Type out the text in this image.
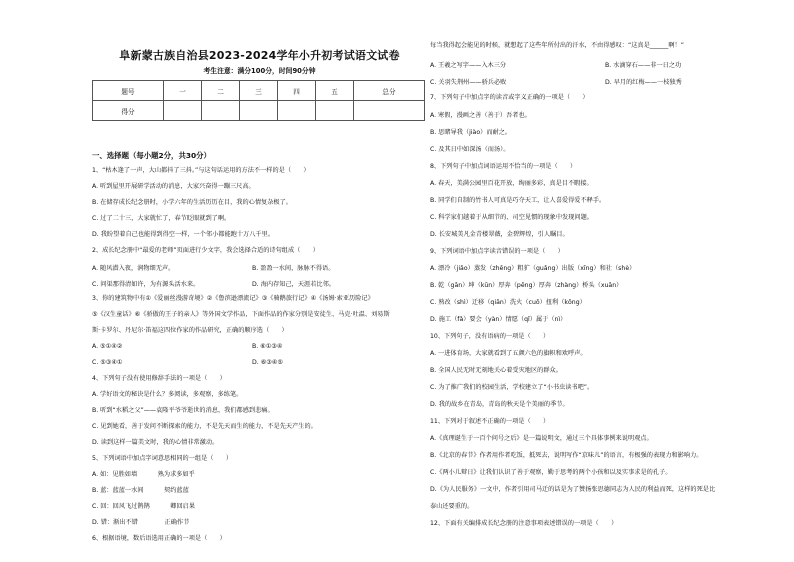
阜新蒙古族自治县2023-2024学年小升初考试语文试卷
考生注意：满分100分，时间90分钟
题号	一	二	三	四	五	总分
得分						
一、选择题（每小题2分，共30分）
1、“枯木逢了一声，大山都抖了三抖。”与这句话运用的方法不一样的是（　　）
A. 听到屋里开展研学活动的消息，大家兴奋得一蹦三尺高。
B. 在储存成长纪念册时，小学六年的生活历历在目，我的心情复杂极了。
C. 过了二十三，大家就忙了，春节眨眼就到了啊。
D. 我盼望着自己也能得到得空一样，一个邻小都能跑十万八千里。
2、成长纪念册中“最爱的老师”页面进行少文字，我会选择合适的诗句组成（　　）
A. 随风潜入夜，润物细无声。	B. 盈盈一水间，脉脉不得语。
C. 问渠那得清如许，为有源头活水来。	D. 海内存知己，天涯若比邻。
3、你的建筑物中有①《爱丽丝漫游奇境》②《鲁滨逊漂流记》③《骑鹅旅行记》④《汤姆·索亚历险记》
⑤《汉生童话》⑥《骄傲的王子的亲人》等外国文学作品，下面作品的作家分别是安徒生、马克·吐温、刘易斯
斯·卡罗尔、丹尼尔·笛福这四位作家的作品研究，正确的顺序选（　　）
A. ⑤①④②	B. ⑥①③④
C. ⑤③④①	D. ⑥③④⑤
4、下列句子没有使用修辞手法的一项是（　　）
A. 学好语文的秘诀是什么？多阅读，多观察，多练笔。
B. 听到“水稻之父”——袁隆平爷爷逝世的消息，我们都感到悲痛。
C. 见到她看，善于发问不断探索的能力，不是先天而生的能力，不是先天产生的。
D. 读到这样一篇美文时，我的心情非常激动。
5、下列词语中加点字词意思相同的一组是（　　）
A. 如：见胜如墙　　　 熟为求多如乎
B. 蓝：蓝蓝一水间　　　 契约蓝蓝
C. 回：回风飞过鹊鹊　　　 卿回启果
D. 错：渐出不错　　　　 正确作节
6、根据语境，数后语选用正确的一项是（　　）
每当我得起会能见的时候，就想起了这些年所付出的汗水，不由得感叹：“这真是______啊！”
A. 王羲之写字——入木三分	B. 水滴穿石——非一日之功
C. 关羽失荆州——骄兵必败	D. 早月的红梅——一枝独秀
7、下列句子中加点字的读音或字义正确的一项是（　　）
A. 寒假，漫画之善（善于）吾者也。
B. 思睹导我（jiào）而耐之。
C. 及其日中如深汤（而汤）。
8、下列句子中加点词语运用不恰当的一项是（　　）
A. 春天，美满公园里百花开放，绚丽多彩，真是目不暇接。
B. 同学们自制的竹书人可真是巧夺天工，让人喜爱得爱不释手。
C. 科学家们越着于从细节的、司空见惯的现象中发现问题。
D. 长安城美凡金青楼翠薇，金碧辉煌，引人瞩目。
9、下列词语中加点字读音错误的一项是（　　）
A. 漂冷（jiǎo）蒸发（zhēng）粗犷（guǎng）出版（xīng）和社（shè）
B. 乾（gān）坤（kūn）厚奔（pēng）厚奔（zhàng）桥头（xuān）
C. 熟改（shì）迁移（qiān）洗火（cuō）扭利（kōng）
D. 施工（fǎ）要会（yàn）情愿（qǐ）属于（nì）
10、下列句子，没有语病的一项是（　　）
A. 一进体育场，大家就看到了五颜六色的旗帜和欢呼声。
B. 全国人民无时无刻地关心着受灾地区的群众。
C. 为了推广我们的校园生活，学校建立了“小书虫读书吧”。
D. 我的故乡在青岛，青岛的秋天是个美丽的季节。
11、下列对于叙述不正确的一项是（　　）
A.《真理诞生于一百个问号之后》是一篇说明文，通过三个具体事例来说明观点。
B.《北京的春节》作者用作者吃饭，抵死去，说明写作“京味儿”的语言，有极强的表现力和影响力。
C.《两小儿辩日》让我们认识了善于观察，勤于思考的两个小孩和以及实事求是的孔子。
D.《为人民服务》一文中，作者引用司马迁的话是为了赞扬张思德同志为人民的利益而死，这样的死是比
泰山还要重的。
12、下面有关编排成长纪念册的注意事项表述错误的一项是（　　）
